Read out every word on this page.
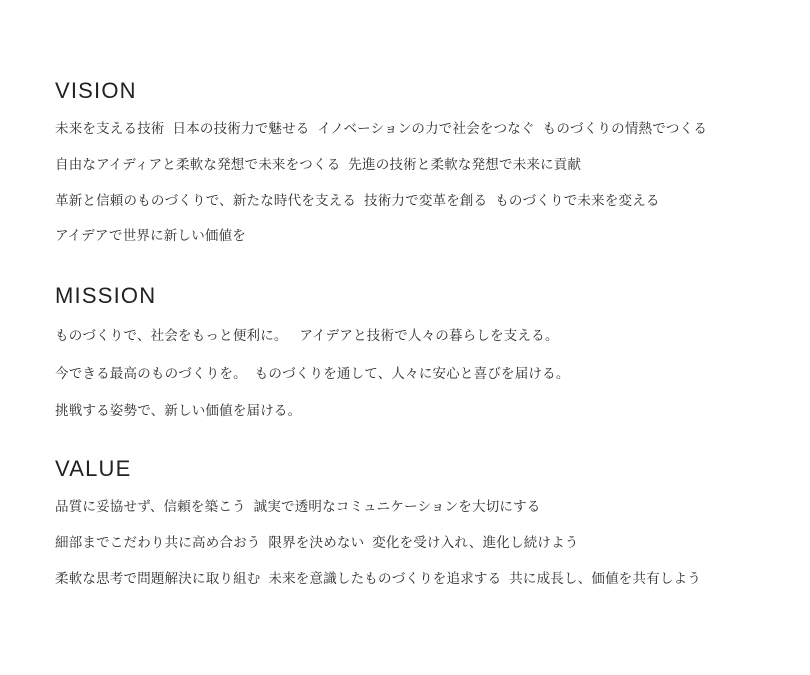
VISION

未来を支える技術  日本の技術力で魅せる  イノベーションの力で社会をつなぐ  ものづくりの情熱でつくる

自由なアイディアと柔軟な発想で未来をつくる  先進の技術と柔軟な発想で未来に貢献

革新と信頼のものづくりで、新たな時代を支える  技術力で変革を創る  ものづくりで未来を変える

アイデアで世界に新しい価値を

MISSION

ものづくりで、社会をもっと便利に。   アイデアと技術で人々の暮らしを支える。

今できる最高のものづくりを。  ものづくりを通して、人々に安心と喜びを届ける。

挑戦する姿勢で、新しい価値を届ける。

VALUE

品質に妥協せず、信頼を築こう  誠実で透明なコミュニケーションを大切にする

細部までこだわり共に高め合おう  限界を決めない  変化を受け入れ、進化し続けよう

柔軟な思考で問題解決に取り組む  未来を意識したものづくりを追求する  共に成長し、価値を共有しよう
